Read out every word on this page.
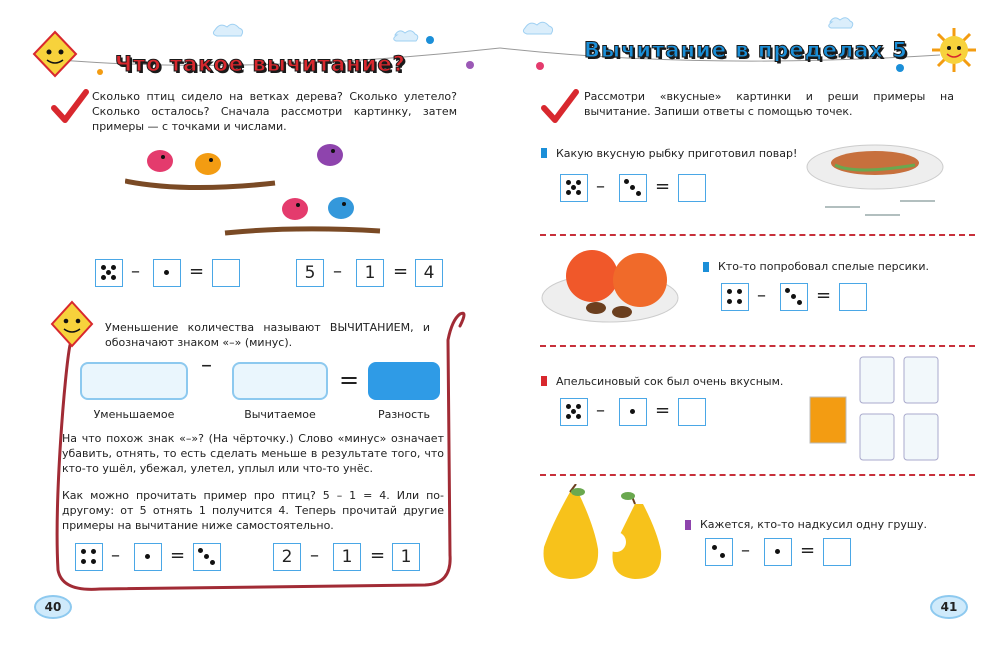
Что такое вычитание?
Сколько птиц сидело на ветках дерева? Сколько улетело? Сколько осталось? Сначала рассмотри картинку, затем примеры — с точками и числами.
–	=	5 –	1 = 4
Уменьшение количества называют ВЫЧИТАНИЕМ, и обозначают знаком «–» (минус).
–
=
Уменьшаемое	Вычитаемое	Разность
На что похож знак «–»? (На чёрточку.) Слово «минус» означает убавить, отнять, то есть сделать меньше в результате того, что кто-то ушёл, убежал, улетел, уплыл или что-то унёс.
Как можно прочитать пример про птиц? 5 – 1 = 4. Или по-другому: от 5 отнять 1 получится 4. Теперь прочитай другие примеры на вычитание ниже самостоятельно.
–	=	2 –	1 = 1
40
Вычитание в пределах 5
Рассмотри «вкусные» картинки и реши примеры на вычитание. Запиши ответы с помощью точек.
Какую вкусную рыбку приготовил повар!
–	=
Кто-то попробовал спелые персики.
–	=
Апельсиновый сок был очень вкусным.
–	=
Кажется, кто-то надкусил одну грушу.
–	=
41
